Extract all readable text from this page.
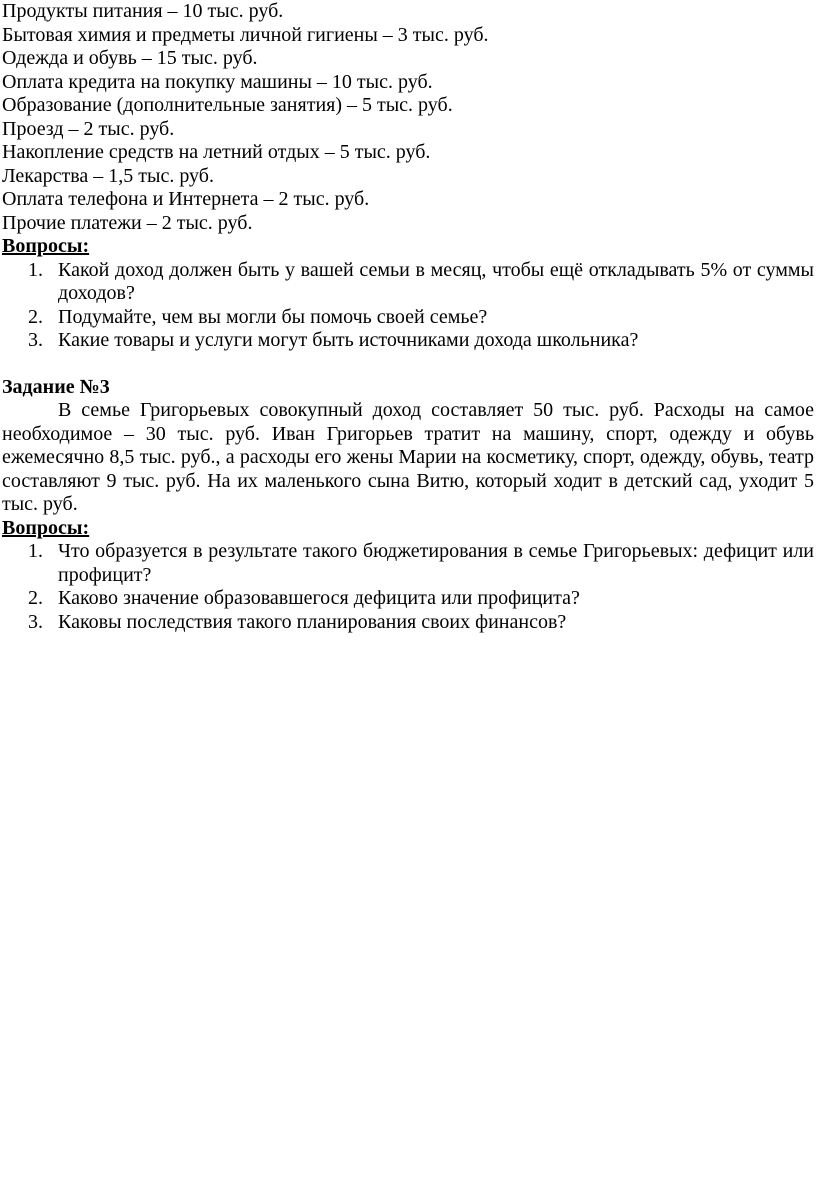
Продукты питания – 10 тыс. руб.

Бытовая химия и предметы личной гигиены – 3 тыс. руб.

Одежда и обувь – 15 тыс. руб.

Оплата кредита на покупку машины – 10 тыс. руб.

Образование (дополнительные занятия) – 5 тыс. руб.

Проезд – 2 тыс. руб.

Накопление средств на летний отдых – 5 тыс. руб.

Лекарства – 1,5 тыс. руб.

Оплата телефона и Интернета – 2 тыс. руб.

Прочие платежи – 2 тыс. руб.

Вопросы:

1. Какой доход должен быть у вашей семьи в месяц, чтобы ещё откладывать 5% от суммы доходов?
2. Подумайте, чем вы могли бы помочь своей семье?
3. Какие товары и услуги могут быть источниками дохода школьника?

Задание №3

В семье Григорьевых совокупный доход составляет 50 тыс. руб. Расходы на самое необходимое – 30 тыс. руб. Иван Григорьев тратит на машину, спорт, одежду и обувь ежемесячно 8,5 тыс. руб., а расходы его жены Марии на косметику, спорт, одежду, обувь, театр составляют 9 тыс. руб. На их маленького сына Витю, который ходит в детский сад, уходит 5 тыс. руб.

Вопросы:

1. Что образуется в результате такого бюджетирования в семье Григорьевых: дефицит или профицит?
2. Каково значение образовавшегося дефицита или профицита?
3. Каковы последствия такого планирования своих финансов?
